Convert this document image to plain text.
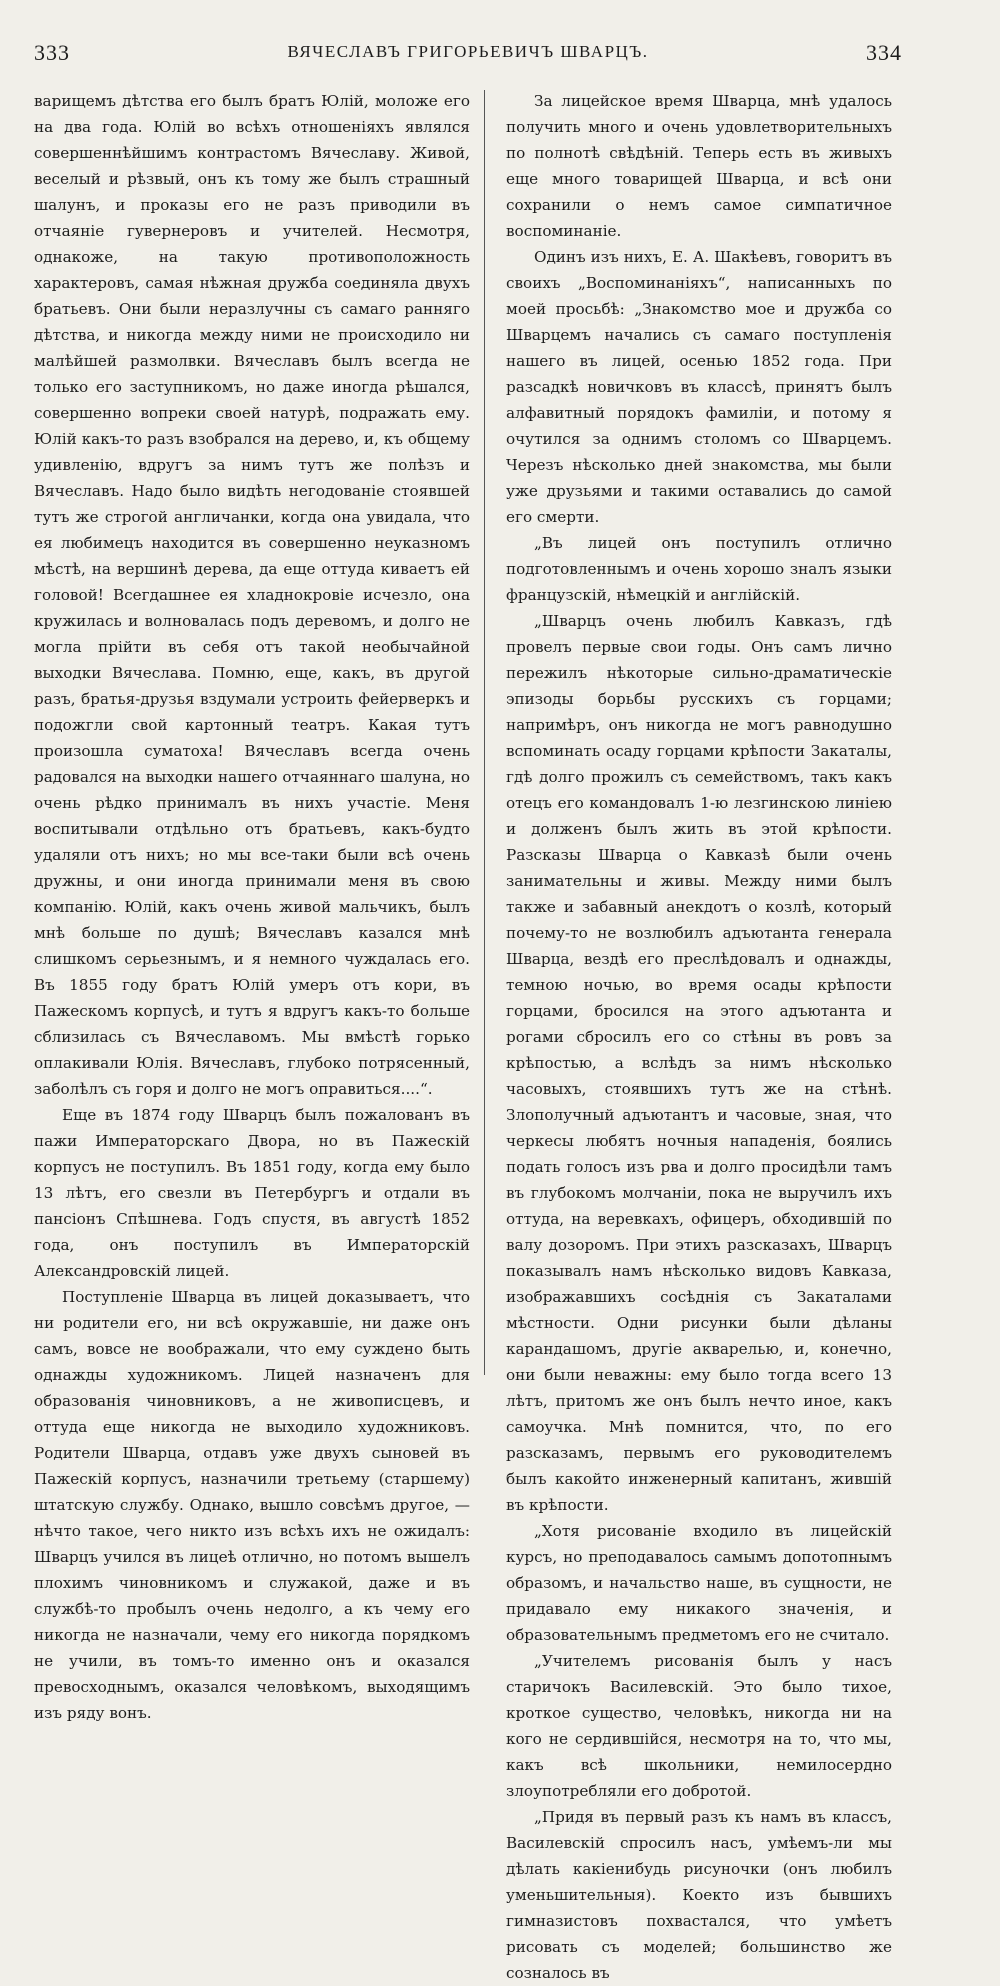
333	ВЯЧЕСЛАВЪ ГРИГОРЬЕВИЧЪ ШВАРЦЪ.	334

варищемъ дѣтства его былъ братъ Юлій, моложе его на два года. Юлій во всѣхъ отношеніяхъ являлся совершеннѣйшимъ контрастомъ Вячеславу. Живой, веселый и рѣзвый, онъ къ тому же былъ страшный шалунъ, и проказы его не разъ приводили въ отчаяніе гувернеровъ и учителей. Несмотря, однакоже, на такую противоположность характеровъ, самая нѣжная дружба соединяла двухъ братьевъ. Они были неразлучны съ самаго ранняго дѣтства, и никогда между ними не происходило ни малѣйшей размолвки. Вячеславъ былъ всегда не только его заступникомъ, но даже иногда рѣшался, совершенно вопреки своей натурѣ, подражать ему. Юлій какъ-то разъ взобрался на дерево, и, къ общему удивленію, вдругъ за нимъ тутъ же полѣзъ и Вячеславъ. Надо было видѣть негодованіе стоявшей тутъ же строгой англичанки, когда она увидала, что ея любимецъ находится въ совершенно неуказномъ мѣстѣ, на вершинѣ дерева, да еще оттуда киваетъ ей головой! Всегдашнее ея хладнокровіе исчезло, она кружилась и волновалась подъ деревомъ, и долго не могла прійти въ себя отъ такой необычайной выходки Вячеслава. Помню, еще, какъ, въ другой разъ, братья-друзья вздумали устроить фейерверкъ и подожгли свой картонный театръ. Какая тутъ произошла суматоха! Вячеславъ всегда очень радовался на выходки нашего отчаяннаго шалуна, но очень рѣдко принималъ въ нихъ участіе. Меня воспитывали отдѣльно отъ братьевъ, какъ-будто удаляли отъ нихъ; но мы все-таки были всѣ очень дружны, и они иногда принимали меня въ свою компанію. Юлій, какъ очень живой мальчикъ, былъ мнѣ больше по душѣ; Вячеславъ казался мнѣ слишкомъ серьезнымъ, и я немного чуждалась его. Въ 1855 году братъ Юлій умеръ отъ кори, въ Пажескомъ корпусѣ, и тутъ я вдругъ какъ-то больше сблизилась съ Вячеславомъ. Мы вмѣстѣ горько оплакивали Юлія. Вячеславъ, глубоко потрясенный, заболѣлъ съ горя и долго не могъ оправиться....“.

Еще въ 1874 году Шварцъ былъ пожалованъ въ пажи Императорскаго Двора, но въ Пажескій корпусъ не поступилъ. Въ 1851 году, когда ему было 13 лѣтъ, его свезли въ Петербургъ и отдали въ пансіонъ Спѣшнева. Годъ спустя, въ августѣ 1852 года, онъ поступилъ въ Императорскій Александровскій лицей.

Поступленіе Шварца въ лицей доказываетъ, что ни родители его, ни всѣ окружавшіе, ни даже онъ самъ, вовсе не воображали, что ему суждено быть однажды художникомъ. Лицей назначенъ для образованія чиновниковъ, а не живописцевъ, и оттуда еще никогда не выходило художниковъ. Родители Шварца, отдавъ уже двухъ сыновей въ Пажескій корпусъ, назначили третьему (старшему) штатскую службу. Однако, вышло совсѣмъ другое, — нѣчто такое, чего никто изъ всѣхъ ихъ не ожидалъ: Шварцъ учился въ лицеѣ отлично, но потомъ вышелъ плохимъ чиновникомъ и служакой, даже и въ службѣ-то пробылъ очень недолго, а къ чему его никогда не назначали, чему его никогда порядкомъ не учили, въ томъ-то именно онъ и оказался превосходнымъ, оказался человѣкомъ, выходящимъ изъ ряду вонъ.

За лицейское время Шварца, мнѣ удалось получить много и очень удовлетворительныхъ по полнотѣ свѣдѣній. Теперь есть въ живыхъ еще много товарищей Шварца, и всѣ они сохранили о немъ самое симпатичное воспоминаніе.

Одинъ изъ нихъ, Е. А. Шакѣевъ, говоритъ въ своихъ „Воспоминаніяхъ“, написанныхъ по моей просьбѣ: „Знакомство мое и дружба со Шварцемъ начались съ самаго поступленія нашего въ лицей, осенью 1852 года. При разсадкѣ новичковъ въ классѣ, принятъ былъ алфавитный порядокъ фамиліи, и потому я очутился за однимъ столомъ со Шварцемъ. Черезъ нѣсколько дней знакомства, мы были уже друзьями и такими оставались до самой его смерти.

„Въ лицей онъ поступилъ отлично подготовленнымъ и очень хорошо зналъ языки французскій, нѣмецкій и англійскій.

„Шварцъ очень любилъ Кавказъ, гдѣ провелъ первые свои годы. Онъ самъ лично пережилъ нѣкоторые сильно-драматическіе эпизоды борьбы русскихъ съ горцами; напримѣръ, онъ никогда не могъ равнодушно вспоминать осаду горцами крѣпости Закаталы, гдѣ долго прожилъ съ семействомъ, такъ какъ отецъ его командовалъ 1-ю лезгинскою линіею и долженъ былъ жить въ этой крѣпости. Разсказы Шварца о Кавказѣ были очень занимательны и живы. Между ними былъ также и забавный анекдотъ о козлѣ, который почему-то не возлюбилъ адъютанта генерала Шварца, вездѣ его преслѣдовалъ и однажды, темною ночью, во время осады крѣпости горцами, бросился на этого адъютанта и рогами сбросилъ его со стѣны въ ровъ за крѣпостью, а вслѣдъ за нимъ нѣсколько часовыхъ, стоявшихъ тутъ же на стѣнѣ. Злополучный адъютантъ и часовые, зная, что черкесы любятъ ночныя нападенія, боялись подать голосъ изъ рва и долго просидѣли тамъ въ глубокомъ молчаніи, пока не выручилъ ихъ оттуда, на веревкахъ, офицеръ, обходившій по валу дозоромъ. При этихъ разсказахъ, Шварцъ показывалъ намъ нѣсколько видовъ Кавказа, изображавшихъ сосѣднія съ Закаталами мѣстности. Одни рисунки были дѣланы карандашомъ, другіе акварелью, и, конечно, они были неважны: ему было тогда всего 13 лѣтъ, притомъ же онъ былъ нечто иное, какъ самоучка. Мнѣ помнится, что, по его разсказамъ, первымъ его руководителемъ былъ какойто инженерный капитанъ, жившій въ крѣпости.

„Хотя рисованіе входило въ лицейскій курсъ, но преподавалось самымъ допотопнымъ образомъ, и начальство наше, въ сущности, не придавало ему никакого значенія, и образовательнымъ предметомъ его не считало.

„Учителемъ рисованія былъ у насъ старичокъ Василевскій. Это было тихое, кроткое существо, человѣкъ, никогда ни на кого не сердившійся, несмотря на то, что мы, какъ всѣ школьники, немилосердно злоупотребляли его добротой.

„Придя въ первый разъ къ намъ въ классъ, Василевскій спросилъ насъ, умѣемъ-ли мы дѣлать какіенибудь рисуночки (онъ любилъ уменьшительныя). Коекто изъ бывшихъ гимназистовъ похвастался, что умѣетъ рисовать съ моделей; большинство же созналось въ
